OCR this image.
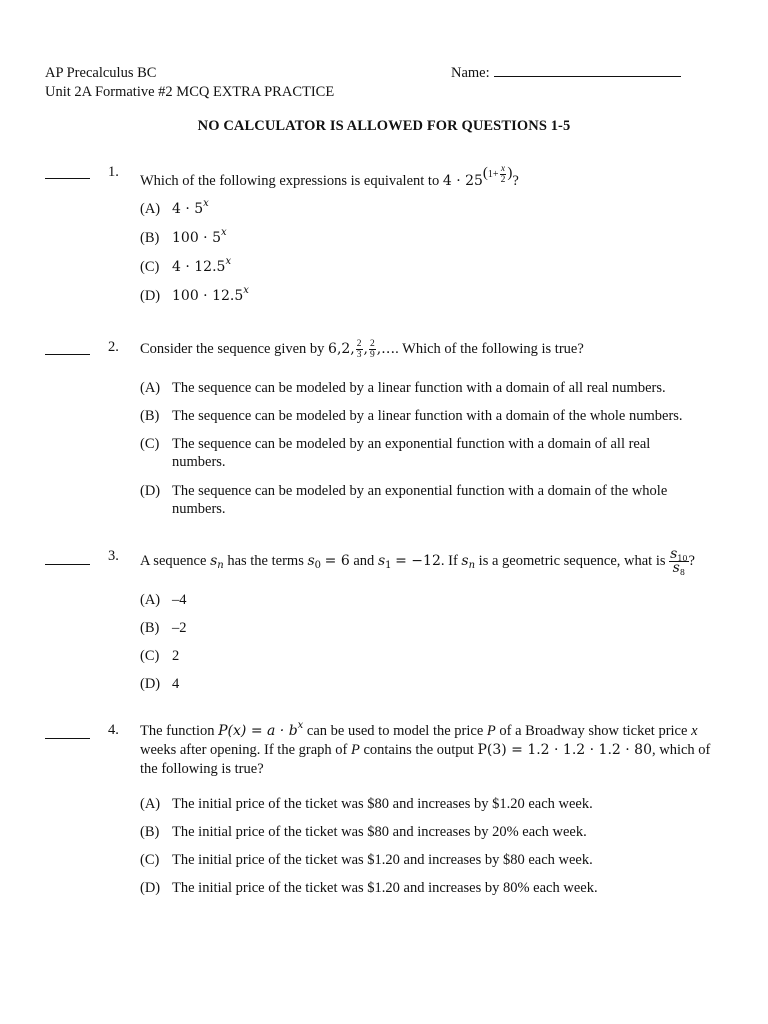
AP Precalculus BC
Unit 2A Formative #2 MCQ EXTRA PRACTICE
Name:
NO CALCULATOR IS ALLOWED FOR QUESTIONS 1-5
1.
Which of the following expressions is equivalent to $4 \cdot 25(1+ \frac{x}{2}$ )?
(A) $4 \cdot 5^x$
(B) $100 \cdot 5^x$
(C) $4 \cdot 12.5^x$
(D) $100 \cdot 12.5^x$
2. Consider the sequence given by 6,2, $\frac{2}{3}$ , $\frac{2}{9}$ ,…. Which of the following is true?
(A) The sequence can be modeled by a linear function with a domain of all real numbers.
(B) The sequence can be modeled by a linear function with a domain of the whole numbers.
(C) The sequence can be modeled by an exponential function with a domain of all real numbers.
(D) The sequence can be modeled by an exponential function with a domain of the whole numbers.
3. A sequence $s_n$ has the terms $s_0 = 6$ and $s_1 = -12$. If $s_n$ is a geometric sequence, what is $\frac{s_{10}}{s_8}$ ?
(A) –4
(B) –2
(C) 2
(D) 4
4. The function $P(x) = a \cdot b^x$ can be used to model the price P of a Broadway show ticket price x weeks after opening. If the graph of P contains the output P(3) = 1.2 · 1.2 · 1.2 · 80, which of the following is true?
(A) The initial price of the ticket was $80 and increases by $1.20 each week.
(B) The initial price of the ticket was $80 and increases by 20% each week.
(C) The initial price of the ticket was $1.20 and increases by $80 each week.
(D) The initial price of the ticket was $1.20 and increases by 80% each week.
